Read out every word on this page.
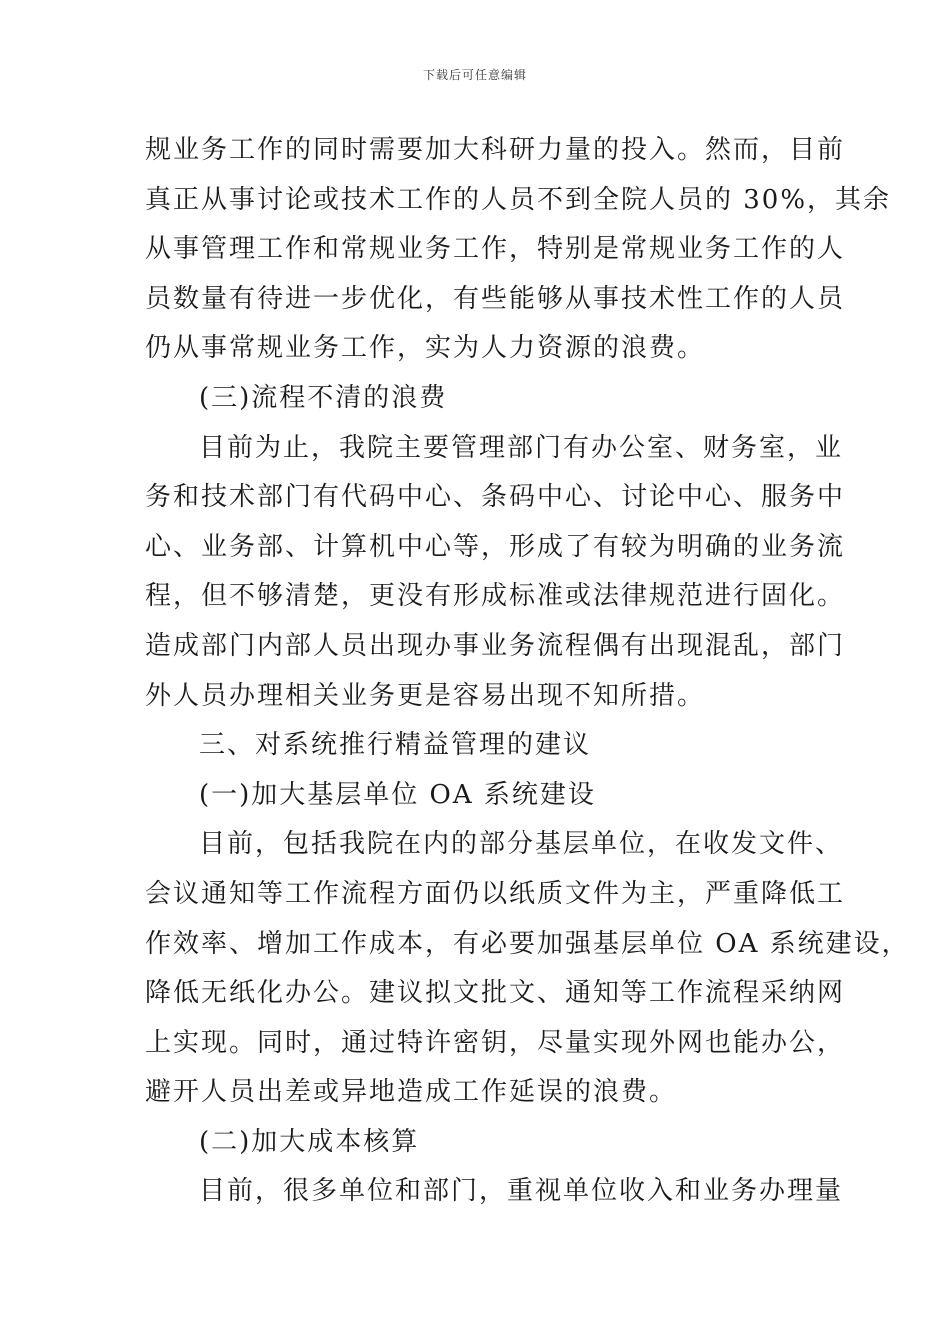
下载后可任意编辑
规业务工作的同时需要加大科研力量的投入。然而，目前
真正从事讨论或技术工作的人员不到全院人员的 30%，其余
从事管理工作和常规业务工作，特别是常规业务工作的人
员数量有待进一步优化，有些能够从事技术性工作的人员
仍从事常规业务工作，实为人力资源的浪费。
(三)流程不清的浪费
目前为止，我院主要管理部门有办公室、财务室，业
务和技术部门有代码中心、条码中心、讨论中心、服务中
心、业务部、计算机中心等，形成了有较为明确的业务流
程，但不够清楚，更没有形成标准或法律规范进行固化。
造成部门内部人员出现办事业务流程偶有出现混乱，部门
外人员办理相关业务更是容易出现不知所措。
三、对系统推行精益管理的建议
(一)加大基层单位 OA 系统建设
目前，包括我院在内的部分基层单位，在收发文件、
会议通知等工作流程方面仍以纸质文件为主，严重降低工
作效率、增加工作成本，有必要加强基层单位 OA 系统建设，
降低无纸化办公。建议拟文批文、通知等工作流程采纳网
上实现。同时，通过特许密钥，尽量实现外网也能办公，
避开人员出差或异地造成工作延误的浪费。
(二)加大成本核算
目前，很多单位和部门，重视单位收入和业务办理量
